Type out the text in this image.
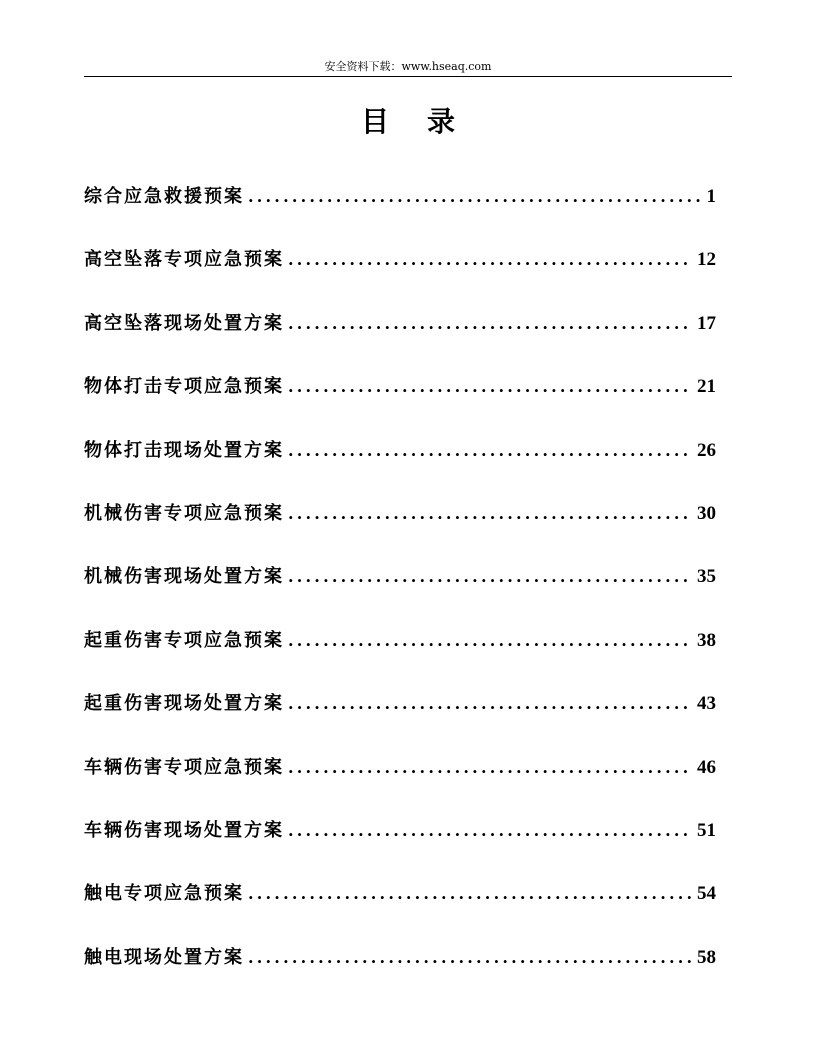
安全资料下载：www.hseaq.com
目录
综合应急救援预案 .....	1
高空坠落专项应急预案 .....	12
高空坠落现场处置方案 .....	17
物体打击专项应急预案 .....	21
物体打击现场处置方案 .....	26
机械伤害专项应急预案 .....	30
机械伤害现场处置方案 .....	35
起重伤害专项应急预案 .....	38
起重伤害现场处置方案 .....	43
车辆伤害专项应急预案 .....	46
车辆伤害现场处置方案 .....	51
触电专项应急预案 .....	54
触电现场处置方案 .....	58
